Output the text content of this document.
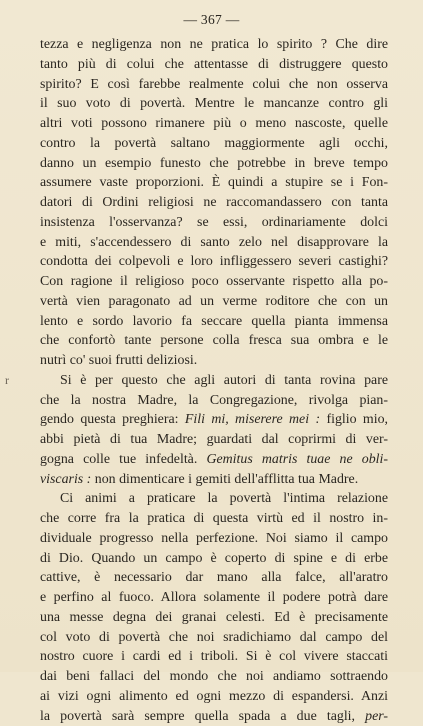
— 367 —
r
tezza e negligenza non ne pratica lo spirito ? Che dire
tanto più di colui che attentasse di distruggere questo
spirito? E così farebbe realmente colui che non osserva
il suo voto di povertà. Mentre le mancanze contro gli
altri voti possono rimanere più o meno nascoste, quelle
contro la povertà saltano maggiormente agli occhi,
danno un esempio funesto che potrebbe in breve tempo
assumere vaste proporzioni. È quindi a stupire se i Fon-
datori di Ordini religiosi ne raccomandassero con tanta
insistenza l'osservanza? se essi, ordinariamente dolci
e miti, s'accendessero di santo zelo nel disapprovare la
condotta dei colpevoli e loro infliggessero severi castighi?
Con ragione il religioso poco osservante rispetto alla po-
vertà vien paragonato ad un verme roditore che con un
lento e sordo lavorio fa seccare quella pianta immensa
che confortò tante persone colla fresca sua ombra e le
nutrì co' suoi frutti deliziosi.
Si è per questo che agli autori di tanta rovina pare
che la nostra Madre, la Congregazione, rivolga pian-
gendo questa preghiera: Fili mi, miserere mei : figlio mio,
abbi pietà di tua Madre; guardati dal coprirmi di ver-
gogna colle tue infedeltà. Gemitus matris tuae ne obli-
viscaris : non dimenticare i gemiti dell'afflitta tua Madre.
Ci animi a praticare la povertà l'intima relazione
che corre fra la pratica di questa virtù ed il nostro in-
dividuale progresso nella perfezione. Noi siamo il campo
di Dio. Quando un campo è coperto di spine e di erbe
cattive, è necessario dar mano alla falce, all'aratro
e perfino al fuoco. Allora solamente il podere potrà dare
una messe degna dei granai celesti. Ed è precisamente
col voto di povertà che noi sradichiamo dal campo del
nostro cuore i cardi ed i triboli. Si è col vivere staccati
dai beni fallaci del mondo che noi andiamo sottraendo
ai vizi ogni alimento ed ogni mezzo di espandersi. Anzi
la povertà sarà sempre quella spada a due tagli, per-
